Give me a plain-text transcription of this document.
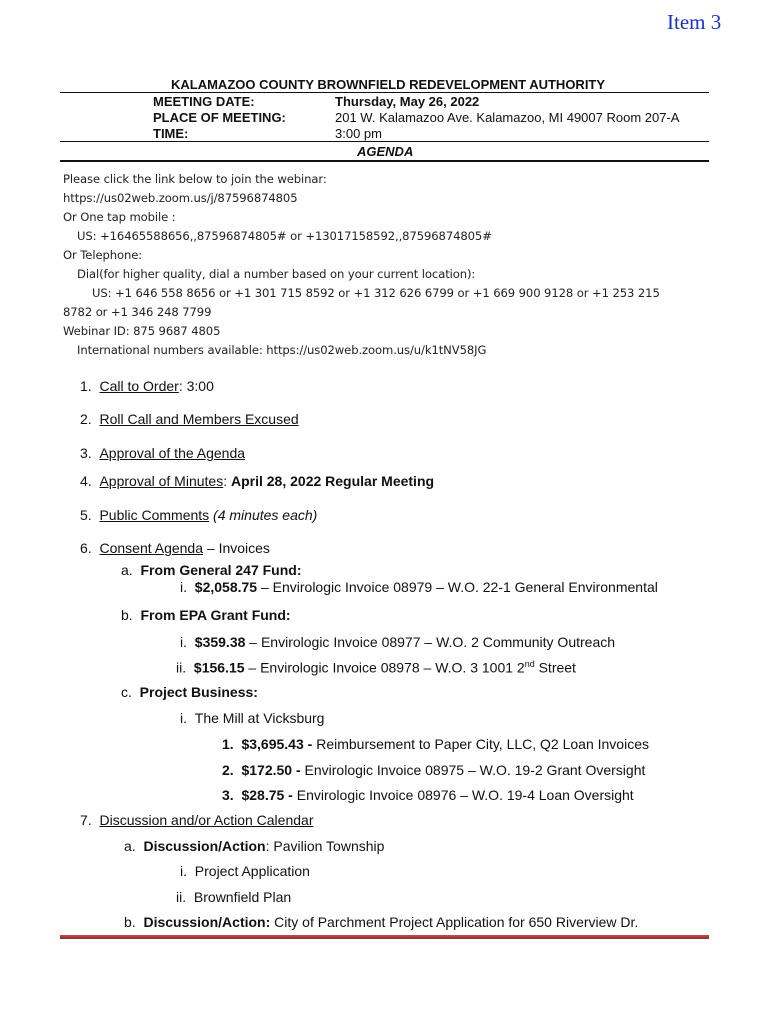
Item 3
KALAMAZOO COUNTY BROWNFIELD REDEVELOPMENT AUTHORITY
MEETING DATE:	Thursday, May 26, 2022
PLACE OF MEETING:	201 W. Kalamazoo Ave. Kalamazoo, MI 49007 Room 207-A
TIME:	3:00 pm
AGENDA
Please click the link below to join the webinar:
https://us02web.zoom.us/j/87596874805
Or One tap mobile :
US: +16465588656,,87596874805# or +13017158592,,87596874805#
Or Telephone:
Dial(for higher quality, dial a number based on your current location):
US: +1 646 558 8656 or +1 301 715 8592 or +1 312 626 6799 or +1 669 900 9128 or +1 253 215
8782 or +1 346 248 7799
Webinar ID: 875 9687 4805
International numbers available: https://us02web.zoom.us/u/k1tNV58JG
1. Call to Order: 3:00
2. Roll Call and Members Excused
3. Approval of the Agenda
4. Approval of Minutes: April 28, 2022 Regular Meeting
5. Public Comments (4 minutes each)
6. Consent Agenda – Invoices
a. From General 247 Fund:
i. $2,058.75 – Envirologic Invoice 08979 – W.O. 22-1 General Environmental
b. From EPA Grant Fund:
i. $359.38 – Envirologic Invoice 08977 – W.O. 2 Community Outreach
ii. $156.15 – Envirologic Invoice 08978 – W.O. 3 1001 2nd Street
c. Project Business:
i. The Mill at Vicksburg
1. $3,695.43 - Reimbursement to Paper City, LLC, Q2 Loan Invoices
2. $172.50 - Envirologic Invoice 08975 – W.O. 19-2 Grant Oversight
3. $28.75 - Envirologic Invoice 08976 – W.O. 19-4 Loan Oversight
7. Discussion and/or Action Calendar
a. Discussion/Action: Pavilion Township
i. Project Application
ii. Brownfield Plan
b. Discussion/Action: City of Parchment Project Application for 650 Riverview Dr.
